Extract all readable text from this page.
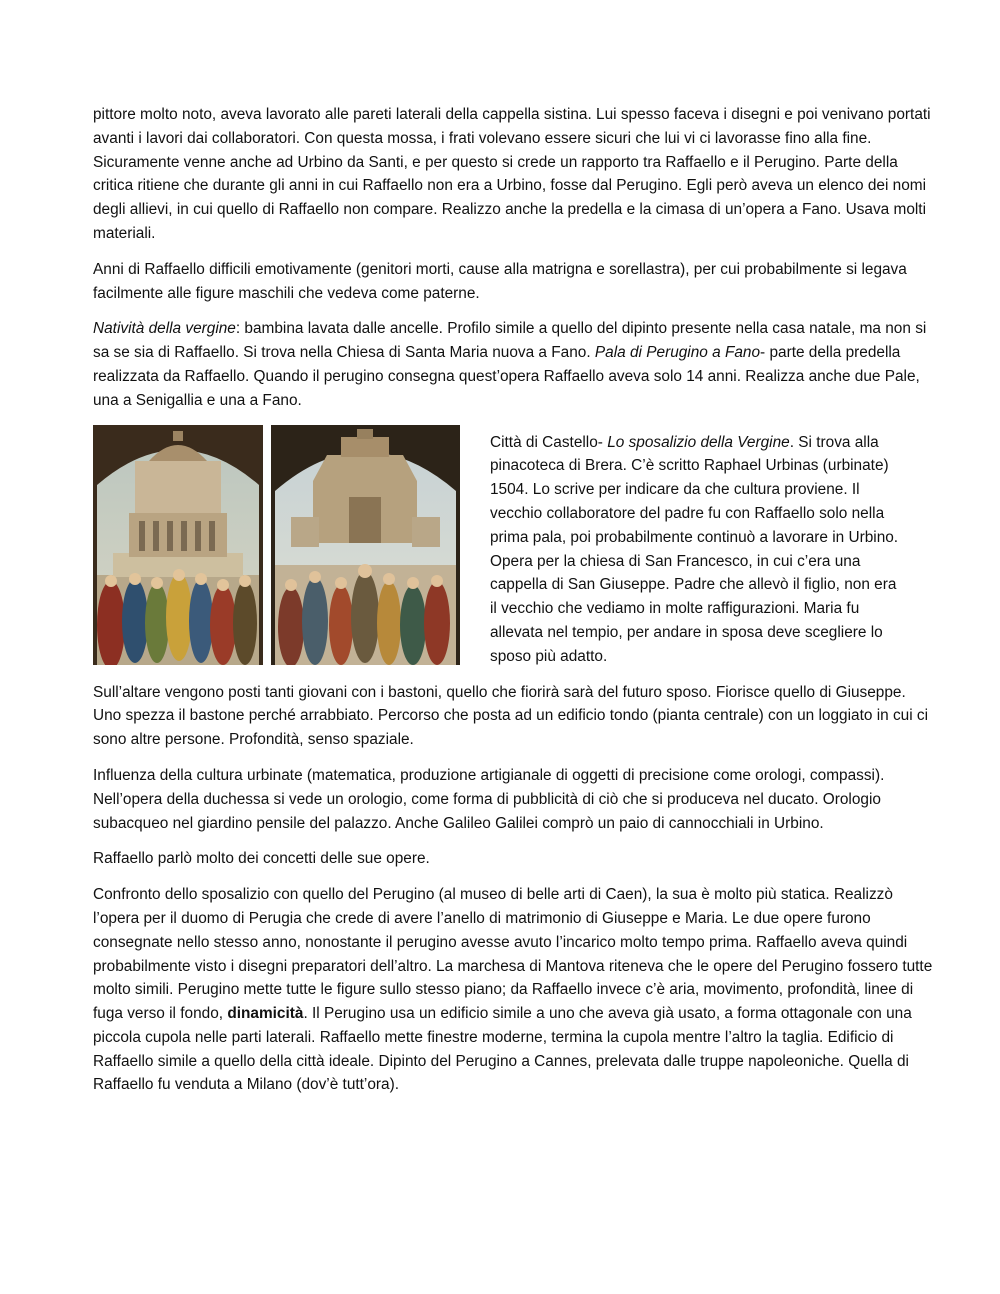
pittore molto noto, aveva lavorato alle pareti laterali della cappella sistina. Lui spesso faceva i disegni e poi venivano portati avanti i lavori dai collaboratori. Con questa mossa, i frati volevano essere sicuri che lui vi ci lavorasse fino alla fine. Sicuramente venne anche ad Urbino da Santi, e per questo si crede un rapporto tra Raffaello e il Perugino. Parte della critica ritiene che durante gli anni in cui Raffaello non era a Urbino, fosse dal Perugino. Egli però aveva un elenco dei nomi degli allievi, in cui quello di Raffaello non compare. Realizzo anche la predella e la cimasa di un’opera a Fano. Usava molti materiali.

Anni di Raffaello difficili emotivamente (genitori morti, cause alla matrigna e sorellastra), per cui probabilmente si legava facilmente alle figure maschili che vedeva come paterne.

Natività della vergine: bambina lavata dalle ancelle. Profilo simile a quello del dipinto presente nella casa natale, ma non si sa se sia di Raffaello. Si trova nella Chiesa di Santa Maria nuova a Fano. Pala di Perugino a Fano- parte della predella realizzata da Raffaello. Quando il perugino consegna quest’opera Raffaello aveva solo 14 anni. Realizza anche due Pale, una a Senigallia e una a Fano.

Città di Castello- Lo sposalizio della Vergine. Si trova alla pinacoteca di Brera. C’è scritto Raphael Urbinas (urbinate) 1504. Lo scrive per indicare da che cultura proviene. Il vecchio collaboratore del padre fu con Raffaello solo nella prima pala, poi probabilmente continuò a lavorare in Urbino. Opera per la chiesa di San Francesco, in cui c’era una cappella di San Giuseppe. Padre che allevò il figlio, non era il vecchio che vediamo in molte raffigurazioni. Maria fu allevata nel tempio, per andare in sposa deve scegliere lo sposo più adatto.

Sull’altare vengono posti tanti giovani con i bastoni, quello che fiorirà sarà del futuro sposo. Fiorisce quello di Giuseppe. Uno spezza il bastone perché arrabbiato. Percorso che posta ad un edificio tondo (pianta centrale) con un loggiato in cui ci sono altre persone. Profondità, senso spaziale.

Influenza della cultura urbinate (matematica, produzione artigianale di oggetti di precisione come orologi, compassi). Nell’opera della duchessa si vede un orologio, come forma di pubblicità di ciò che si produceva nel ducato. Orologio subacqueo nel giardino pensile del palazzo. Anche Galileo Galilei comprò un paio di cannocchiali in Urbino.

Raffaello parlò molto dei concetti delle sue opere.

Confronto dello sposalizio con quello del Perugino (al museo di belle arti di Caen), la sua è molto più statica. Realizzò l’opera per il duomo di Perugia che crede di avere l’anello di matrimonio di Giuseppe e Maria. Le due opere furono consegnate nello stesso anno, nonostante il perugino avesse avuto l’incarico molto tempo prima. Raffaello aveva quindi probabilmente visto i disegni preparatori dell’altro. La marchesa di Mantova riteneva che le opere del Perugino fossero tutte molto simili. Perugino mette tutte le figure sullo stesso piano; da Raffaello invece c’è aria, movimento, profondità, linee di fuga verso il fondo, dinamicità. Il Perugino usa un edificio simile a uno che aveva già usato, a forma ottagonale con una piccola cupola nelle parti laterali. Raffaello mette finestre moderne, termina la cupola mentre l’altro la taglia. Edificio di Raffaello simile a quello della città ideale. Dipinto del Perugino a Cannes, prelevata dalle truppe napoleoniche. Quella di Raffaello fu venduta a Milano (dov’è tutt’ora).
